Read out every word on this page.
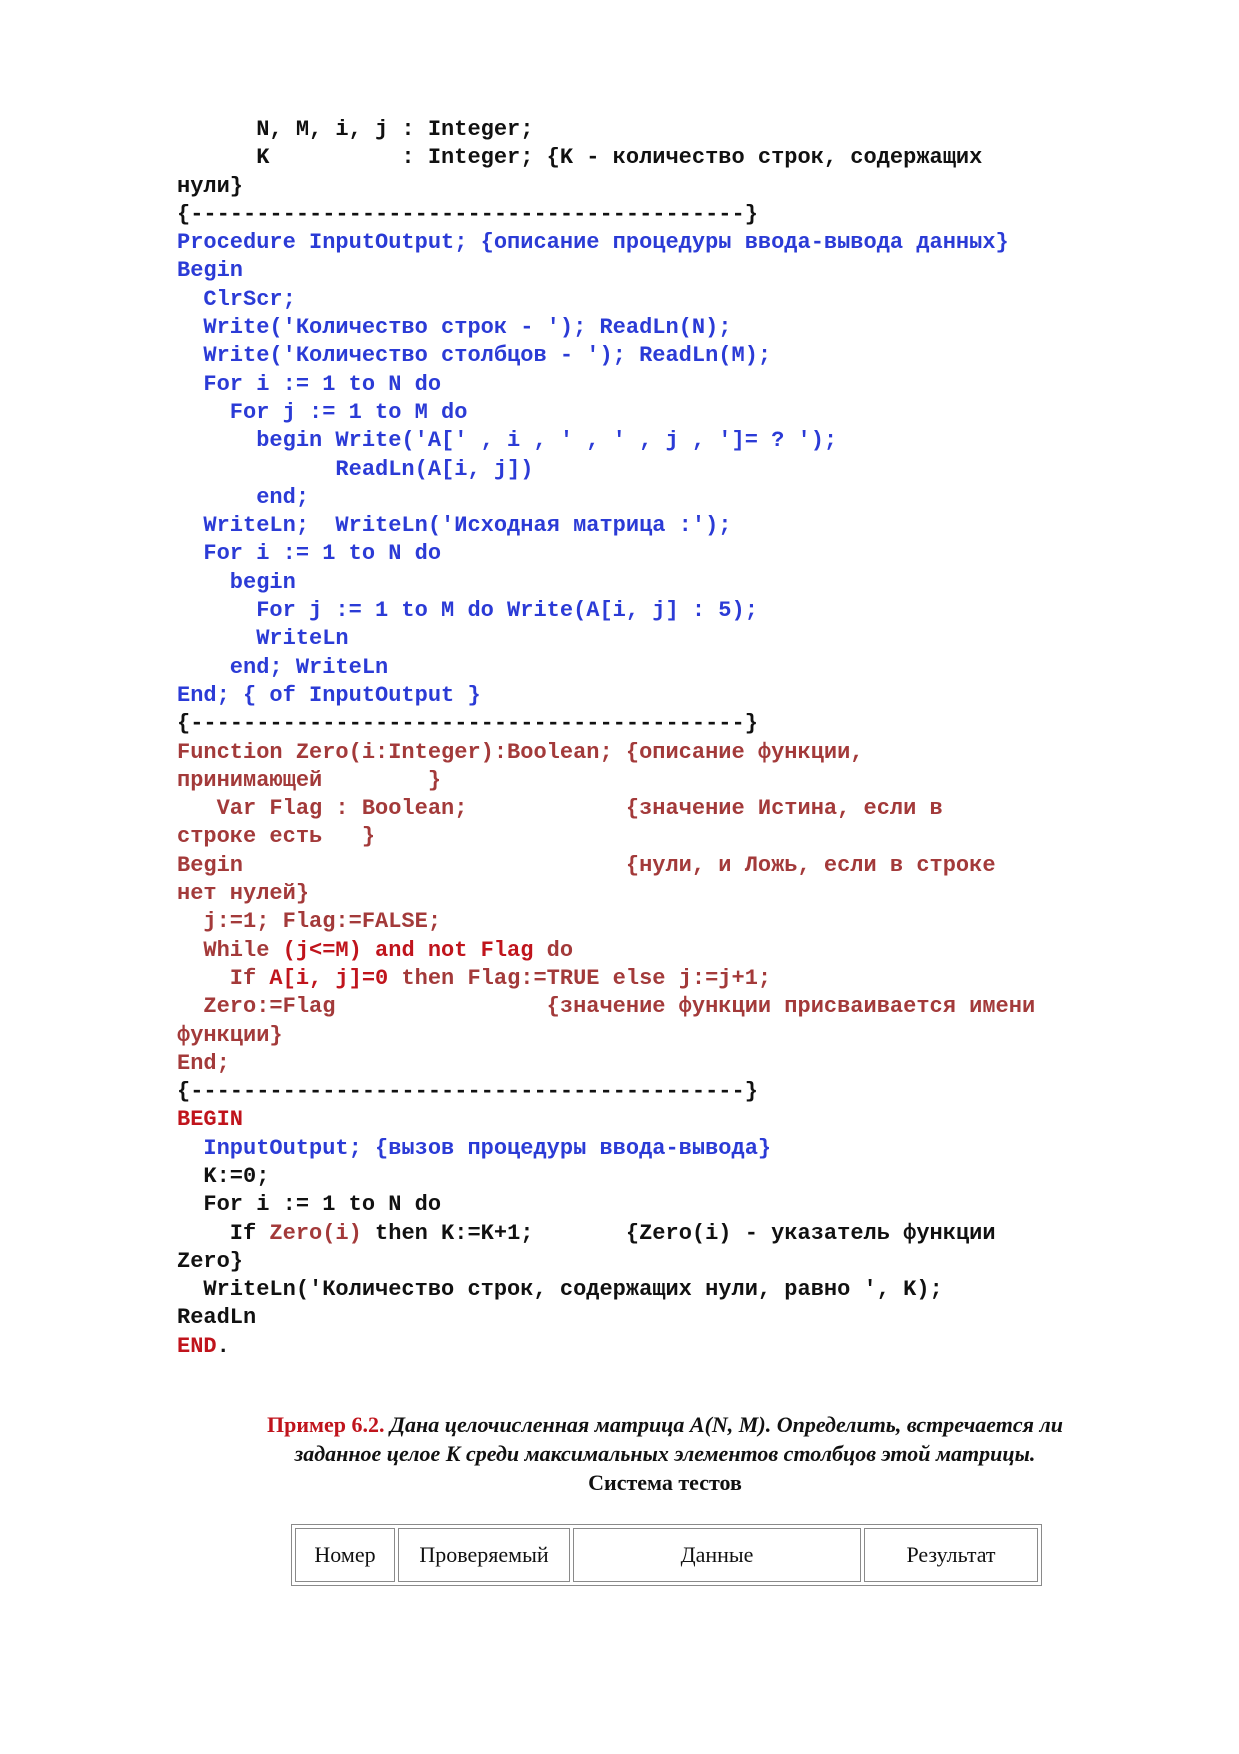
N, M, i, j : Integer;
K          : Integer; {K - количество строк, содержащих
нули}
{------------------------------------------}
Procedure InputOutput; {описание процедуры ввода-вывода данных}
Begin
ClrScr;
Write('Количество строк - '); ReadLn(N);
Write('Количество столбцов - '); ReadLn(M);
For i := 1 to N do
For j := 1 to M do
begin Write('A[' , i , ' , ' , j , ']= ? ');
ReadLn(A[i, j])
end;
WriteLn;  WriteLn('Исходная матрица :');
For i := 1 to N do
begin
For j := 1 to M do Write(A[i, j] : 5);
WriteLn
end; WriteLn
End; { of InputOutput }
{------------------------------------------}
Function Zero(i:Integer):Boolean; {описание функции,
принимающей        }
Var Flag : Boolean;            {значение Истина, если в
строке есть   }
Begin                             {нули, и Ложь, если в строке
нет нулей}
j:=1; Flag:=FALSE;
While (j<=M) and not Flag do
If A[i, j]=0 then Flag:=TRUE else j:=j+1;
Zero:=Flag                {значение функции присваивается имени
функции}
End;
{------------------------------------------}
BEGIN
InputOutput; {вызов процедуры ввода-вывода}
K:=0;
For i := 1 to N do
If Zero(i) then K:=K+1;       {Zero(i) - указатель функции
Zero}
WriteLn('Количество строк, содержащих нули, равно ', K);
ReadLn
END.
Пример 6.2. Дана целочисленная матрица A(N, M). Определить, встречается ли
заданное целое K среди максимальных элементов столбцов этой матрицы.
Система тестов
Номер	Проверяемый	Данные	Результат
